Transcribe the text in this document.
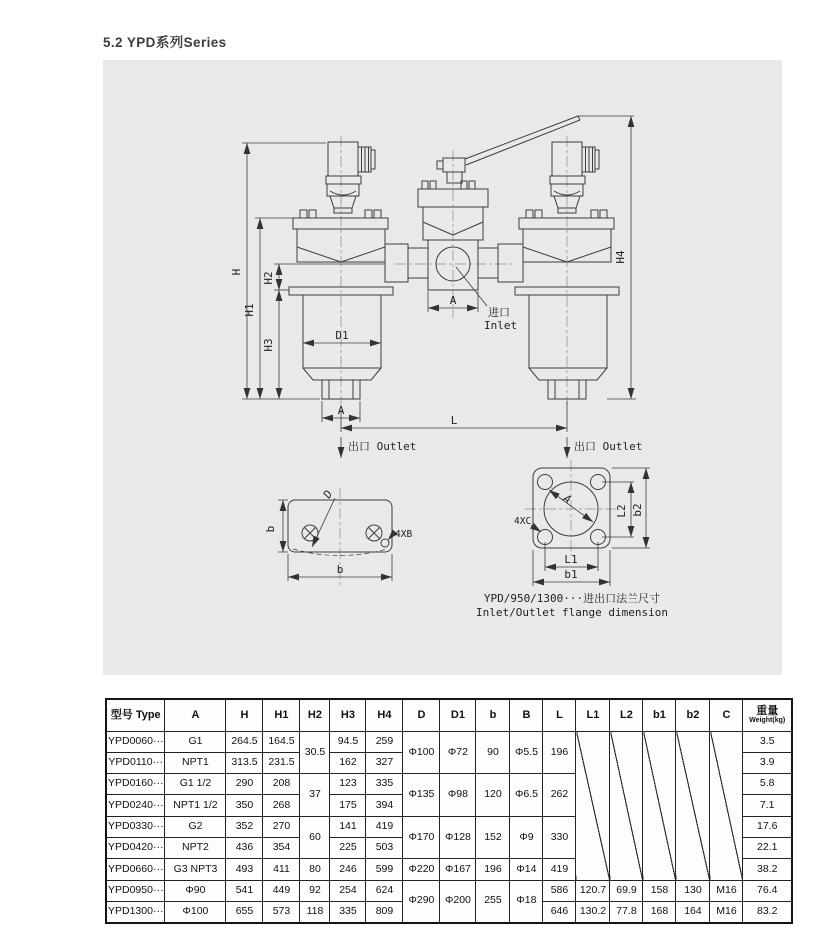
5.2 YPD系列Series
H
H1
H2
H3
H4
D1
A
A
L
出口 Outlet	出口 Outlet
进口
Inlet
D
b
b
4XB
4XC
A
L2 b2
L1
b1
YPD/950/1300···进出口法兰尺寸
Inlet/Outlet flange dimension
型号 Type	A	H	H1	H2	H3	H4	D	D1	b	B	L	L1	L2	b1	b2	C	重量
Weight(kg)

YPD0060···	G1	264.5	164.5	30.5	94.5	259	Φ100	Φ72	90	Φ5.5	196						3.5
YPD0110···	NPT1	313.5	231.5		162	327											3.9
YPD0160···	G1 1/2	290	208	37	123	335	Φ135	Φ98	120	Φ6.5	262						5.8
YPD0240···	NPT1 1/2	350	268		175	394											7.1
YPD0330···	G2	352	270	60	141	419	Φ170	Φ128	152	Φ9	330						17.6
YPD0420···	NPT2	436	354		225	503											22.1
YPD0660···	G3 NPT3	493	411	80	246	599	Φ220	Φ167	196	Φ14	419						38.2
YPD0950···	Φ90	541	449	92	254	624	Φ290	Φ200	255	Φ18	586	120.7	69.9	158	130	M16	76.4
YPD1300···	Φ100	655	573	118	335	809					646	130.2	77.8	168	164	M16	83.2
